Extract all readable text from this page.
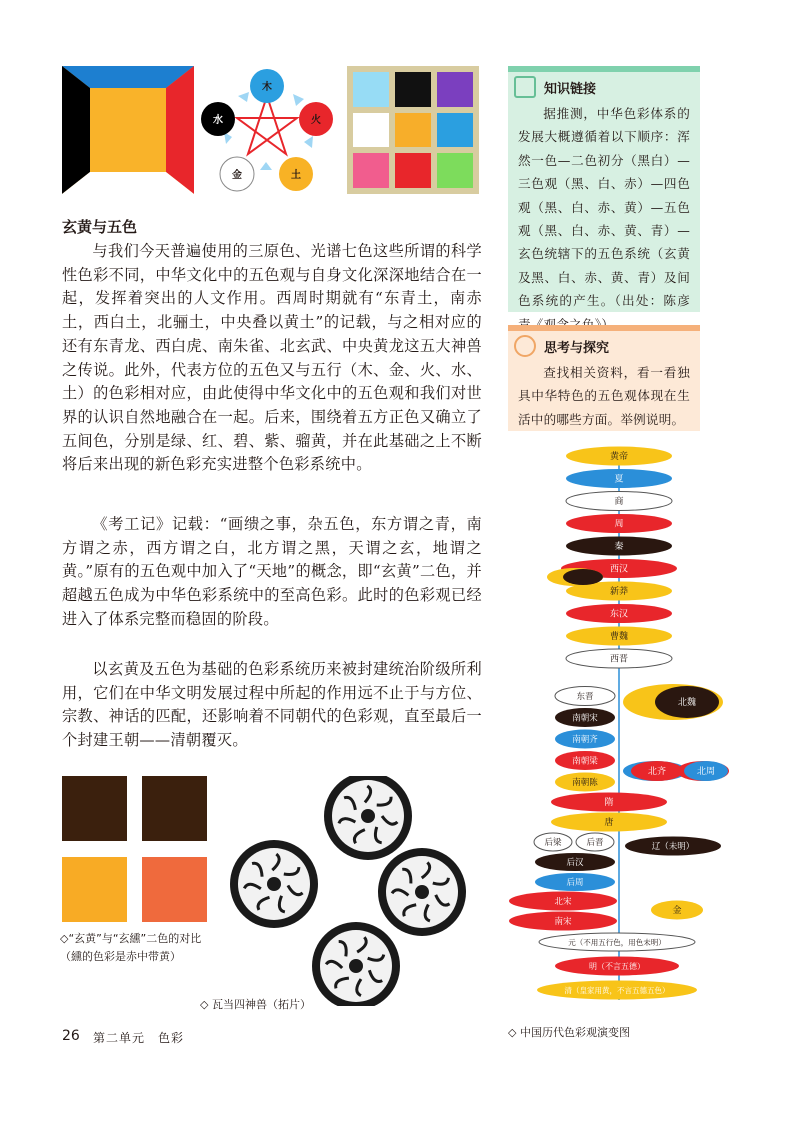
木
火
土
金
水
玄黄与五色

与我们今天普遍使用的三原色、光谱七色这些所谓的科学性色彩不同，中华文化中的五色观与自身文化深深地结合在一起，发挥着突出的人文作用。西周时期就有“东青土，南赤土，西白土，北骊土，中央叠以黄土”的记载，与之相对应的还有东青龙、西白虎、南朱雀、北玄武、中央黄龙这五大神兽之传说。此外，代表方位的五色又与五行（木、金、火、水、土）的色彩相对应，由此使得中华文化中的五色观和我们对世界的认识自然地融合在一起。后来，围绕着五方正色又确立了五间色，分别是绿、红、碧、紫、骝黄，并在此基础之上不断将后来出现的新色彩充实进整个色彩系统中。

《考工记》记载：“画缋之事，杂五色，东方谓之青，南方谓之赤，西方谓之白，北方谓之黑，天谓之玄，地谓之黄。”原有的五色观中加入了“天地”的概念，即“玄黄”二色，并超越五色成为中华色彩系统中的至高色彩。此时的色彩观已经进入了体系完整而稳固的阶段。

以玄黄及五色为基础的色彩系统历来被封建统治阶级所利用，它们在中华文明发展过程中所起的作用远不止于与方位、宗教、神话的匹配，还影响着不同朝代的色彩观，直至最后一个封建王朝——清朝覆灭。

◇“玄黄”与“玄纁”二色的对比
（纁的色彩是赤中带黄）
◇ 瓦当四神兽（拓片）
知识链接

据推测，中华色彩体系的发展大概遵循着以下顺序：浑然一色—二色初分（黑白）—三色观（黑、白、赤）—四色观（黑、白、赤、黄）—五色观（黑、白、赤、黄、青）—玄色统辖下的五色系统（玄黄及黑、白、赤、黄、青）及间色系统的产生。（出处：陈彦

思考与探究

查找相关资料，看一看独具中华特色的五色观体现在生活中的哪些方面。举例说明。

黄帝
夏
商
周
秦
西汉
新莽
东汉
曹魏
西晋
东晋
南朝宋
南朝齐
南朝梁
南朝陈
北魏
北齐	北周
隋
唐
后梁	后晋
后汉
后周
辽（未明）
北宋
南宋
金
元（不用五行色，用色未明）
明（不言五德）
清（皇家用黄，不言五德五色）
◇ 中国历代色彩观演变图
26 第二单元　色彩
